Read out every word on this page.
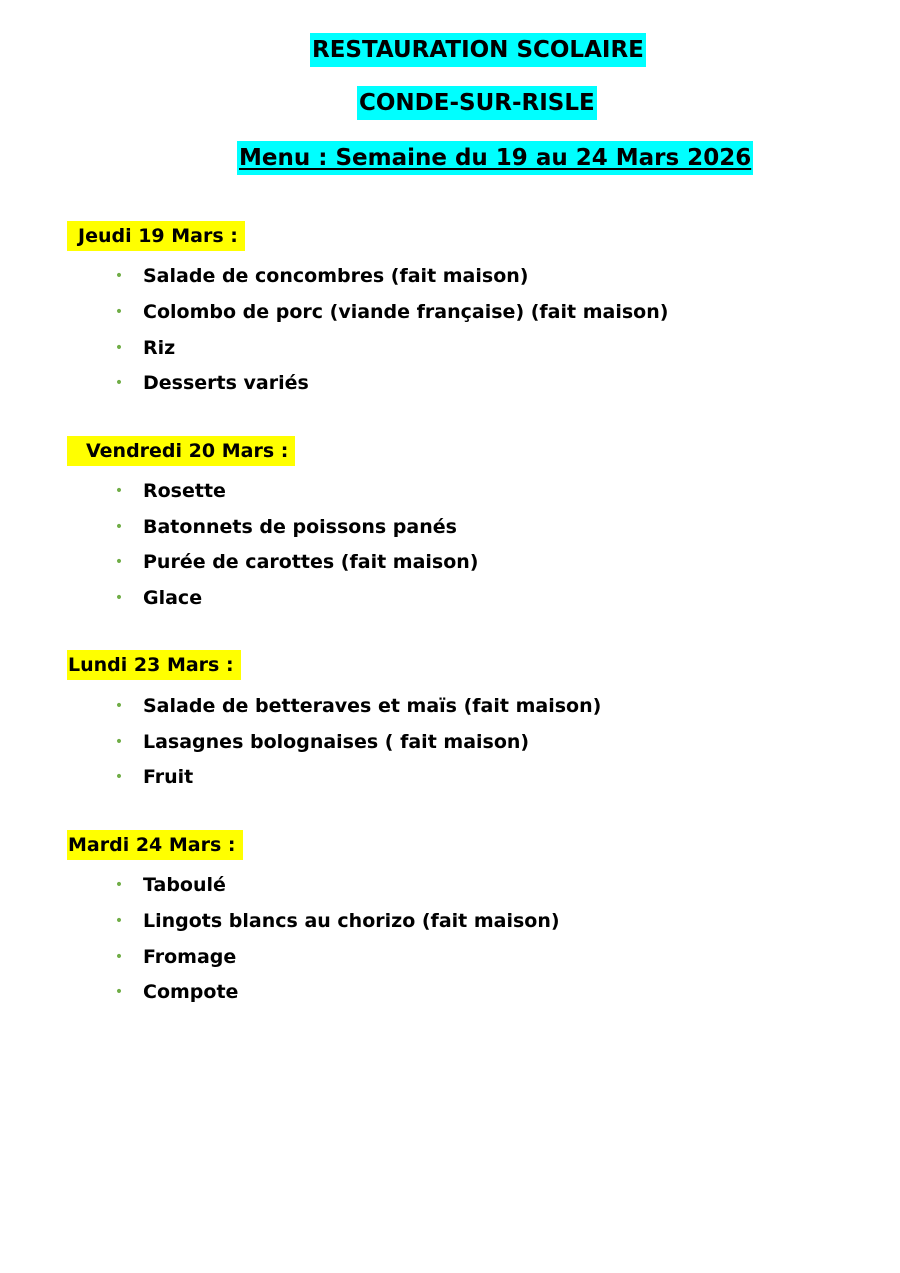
RESTAURATION SCOLAIRE
CONDE-SUR-RISLE
Menu : Semaine du 19 au 24 Mars 2026
Jeudi 19 Mars :
• Salade de concombres (fait maison)
• Colombo de porc (viande française) (fait maison)
• Riz
• Desserts variés
Vendredi 20 Mars :
• Rosette
• Batonnets de poissons panés
• Purée de carottes (fait maison)
• Glace
Lundi 23 Mars :
• Salade de betteraves et maïs (fait maison)
• Lasagnes bolognaises ( fait maison)
• Fruit
Mardi 24 Mars :
• Taboulé
• Lingots blancs au chorizo (fait maison)
• Fromage
• Compote
